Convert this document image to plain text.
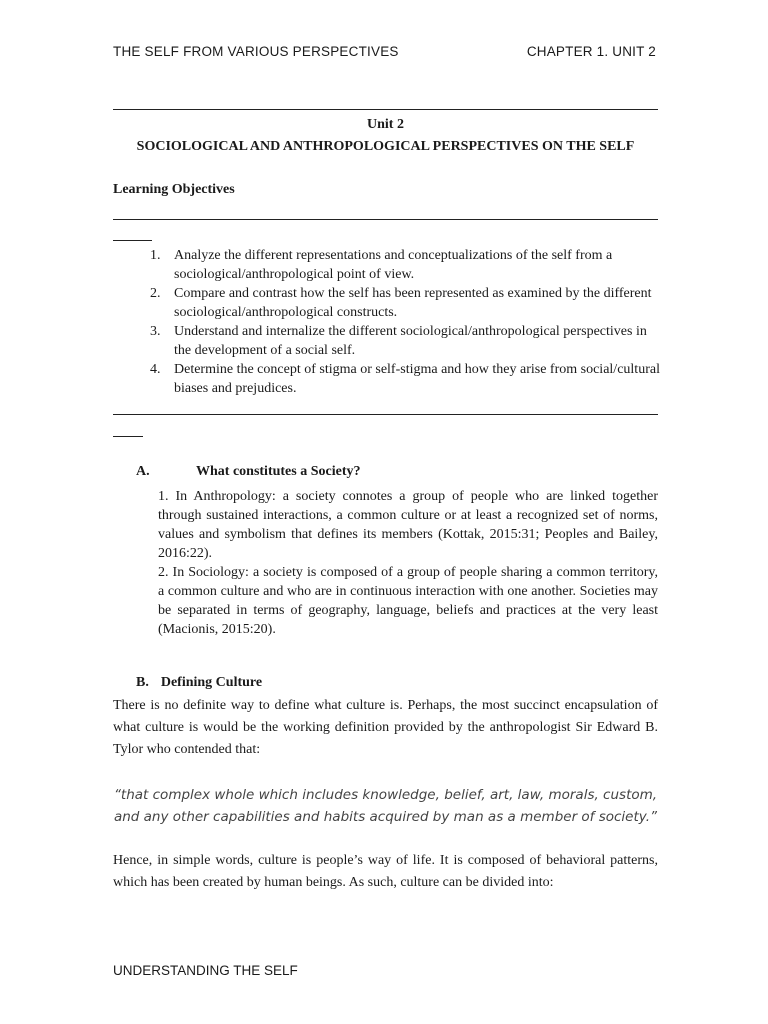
THE SELF FROM VARIOUS PERSPECTIVES	CHAPTER 1. UNIT 2
Unit 2
SOCIOLOGICAL AND ANTHROPOLOGICAL PERSPECTIVES ON THE SELF
Learning Objectives
1. Analyze the different representations and conceptualizations of the self from a sociological/anthropological point of view.
2. Compare and contrast how the self has been represented as examined by the different sociological/anthropological constructs.
3. Understand and internalize the different sociological/anthropological perspectives in the development of a social self.
4. Determine the concept of stigma or self-stigma and how they arise from social/cultural biases and prejudices.
A.	What constitutes a Society?

1. In Anthropology: a society connotes a group of people who are linked together through sustained interactions, a common culture or at least a recognized set of norms, values and symbolism that defines its members (Kottak, 2015:31; Peoples and Bailey, 2016:22).

2. In Sociology: a society is composed of a group of people sharing a common territory, a common culture and who are in continuous interaction with one another. Societies may be separated in terms of geography, language, beliefs and practices at the very least (Macionis, 2015:20).

B. Defining Culture
There is no definite way to define what culture is. Perhaps, the most succinct encapsulation of what culture is would be the working definition provided by the anthropologist Sir Edward B. Tylor who contended that:
“that complex whole which includes knowledge, belief, art, law, morals, custom, and any other capabilities and habits acquired by man as a member of society.”
Hence, in simple words, culture is people’s way of life. It is composed of behavioral patterns, which has been created by human beings. As such, culture can be divided into:
UNDERSTANDING THE SELF
